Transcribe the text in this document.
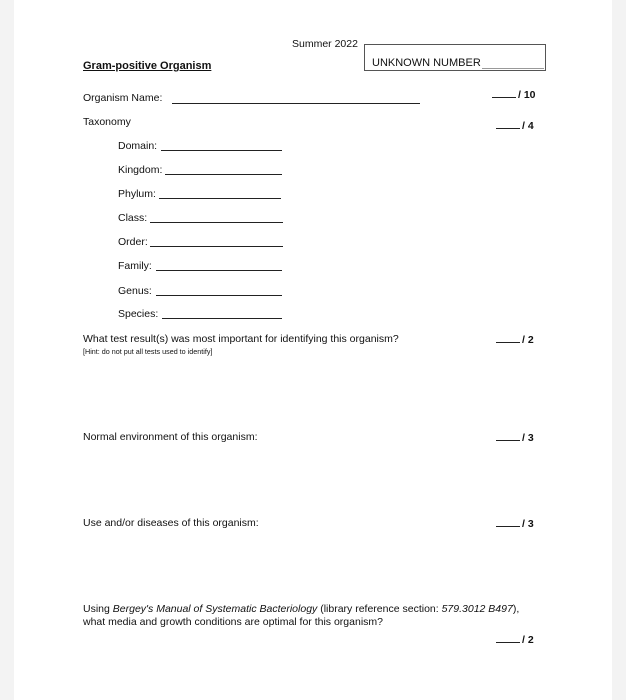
Summer 2022
UNKNOWN NUMBER
Gram-positive Organism
Organism Name:	/ 10
Taxonomy	/ 4
Domain:
Kingdom:
Phylum:
Class:
Order:
Family:
Genus:
Species:
What test result(s) was most important for identifying this organism?
[Hint: do not put all tests used to identify]
/ 2
Normal environment of this organism:	/ 3
Use and/or diseases of this organism:	/ 3
Using Bergey's Manual of Systematic Bacteriology (library reference section: 579.3012 B497),
what media and growth conditions are optimal for this organism?
/ 2
